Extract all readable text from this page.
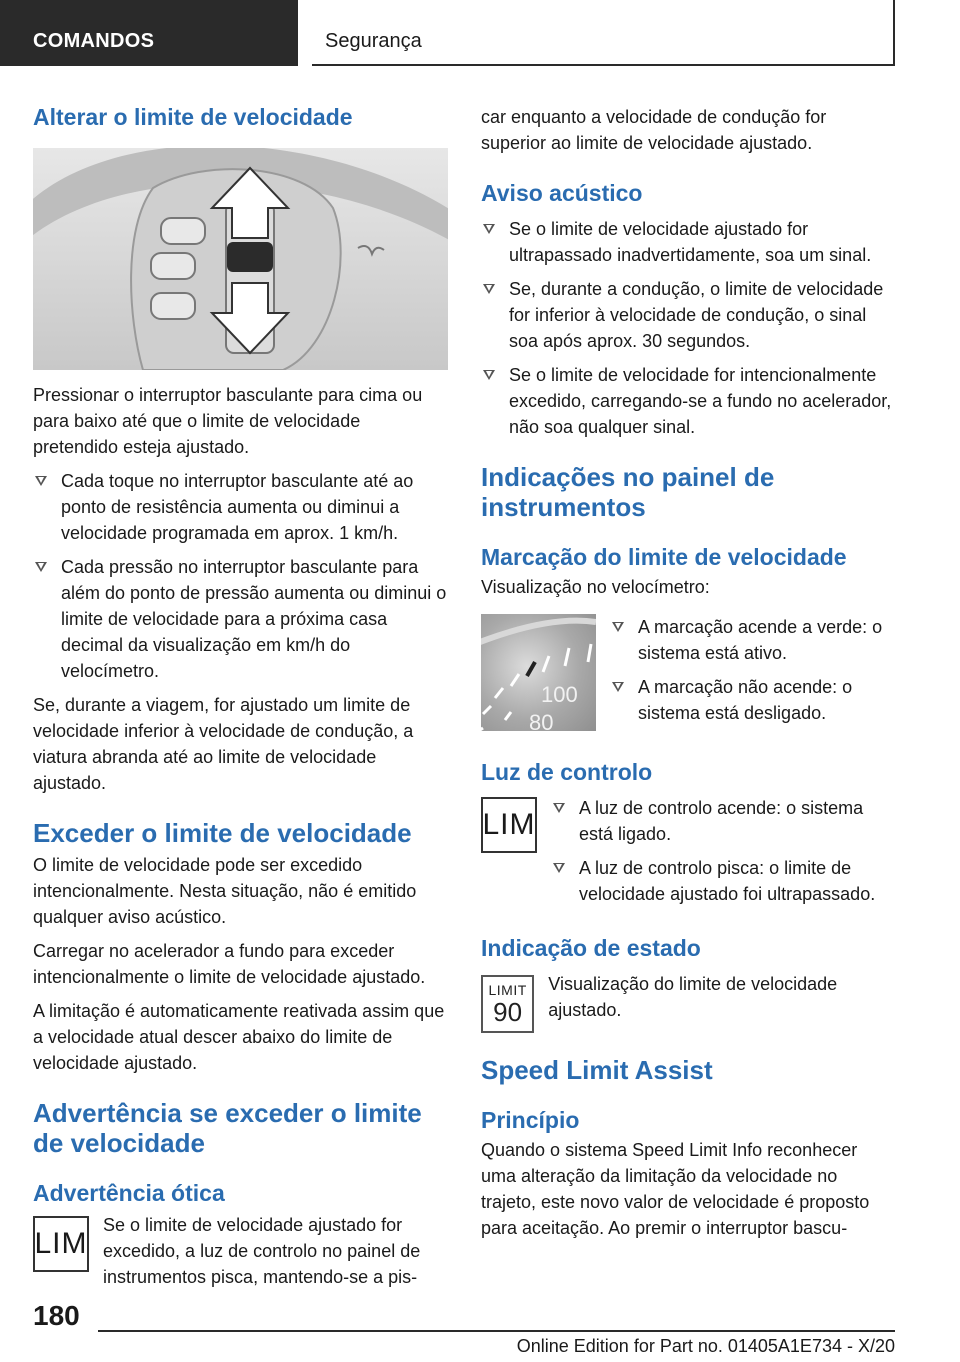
COMANDOS	Segurança
Alterar o limite de velocidade

Pressionar o interruptor basculante para cima ou para baixo até que o limite de velocidade pretendido esteja ajustado.

Cada toque no interruptor basculante até ao ponto de resistência aumenta ou diminui a velocidade programada em aprox. 1 km/h.
Cada pressão no interruptor basculante para além do ponto de pressão aumenta ou diminui o limite de velocidade para a próxima casa decimal da visualização em km/h do velocímetro.

Se, durante a viagem, for ajustado um limite de velocidade inferior à velocidade de condução, a viatura abranda até ao limite de velocidade ajustado.

Exceder o limite de velocidade

O limite de velocidade pode ser excedido intencionalmente. Nesta situação, não é emitido qualquer aviso acústico.

Carregar no acelerador a fundo para exceder intencionalmente o limite de velocidade ajustado.

A limitação é automaticamente reativada assim que a velocidade atual descer abaixo do limite de velocidade ajustado.

Advertência se exceder o limite de velocidade
Advertência ótica
LIM

Se o limite de velocidade ajustado for excedido, a luz de controlo no painel de instrumentos pisca, mantendo-se a pis-

car enquanto a velocidade de condução for superior ao limite de velocidade ajustado.

Aviso acústico
Se o limite de velocidade ajustado for ultrapassado inadvertidamente, soa um sinal.
Se, durante a condução, o limite de velocidade for inferior à velocidade de condução, o sinal soa após aprox. 30 segundos.
Se o limite de velocidade for intencionalmente excedido, carregando-se a fundo no acelerador, não soa qualquer sinal.
Indicações no painel de instrumentos
Marcação do limite de velocidade

Visualização no velocímetro:

100
80
A marcação acende a verde: o sistema está ativo.
A marcação não acende: o sistema está desligado.
Luz de controlo
LIM	A luz de controlo acende: o sistema está ligado.
A luz de controlo pisca: o limite de velocidade ajustado foi ultrapassado.
Indicação de estado
LIMIT
90

Visualização do limite de velocidade ajustado.

Speed Limit Assist
Princípio

Quando o sistema Speed Limit Info reconhecer uma alteração da limitação da velocidade no trajeto, este novo valor de velocidade é proposto para aceitação. Ao premir o interruptor bascu-

180
Online Edition for Part no. 01405A1E734 - X/20
